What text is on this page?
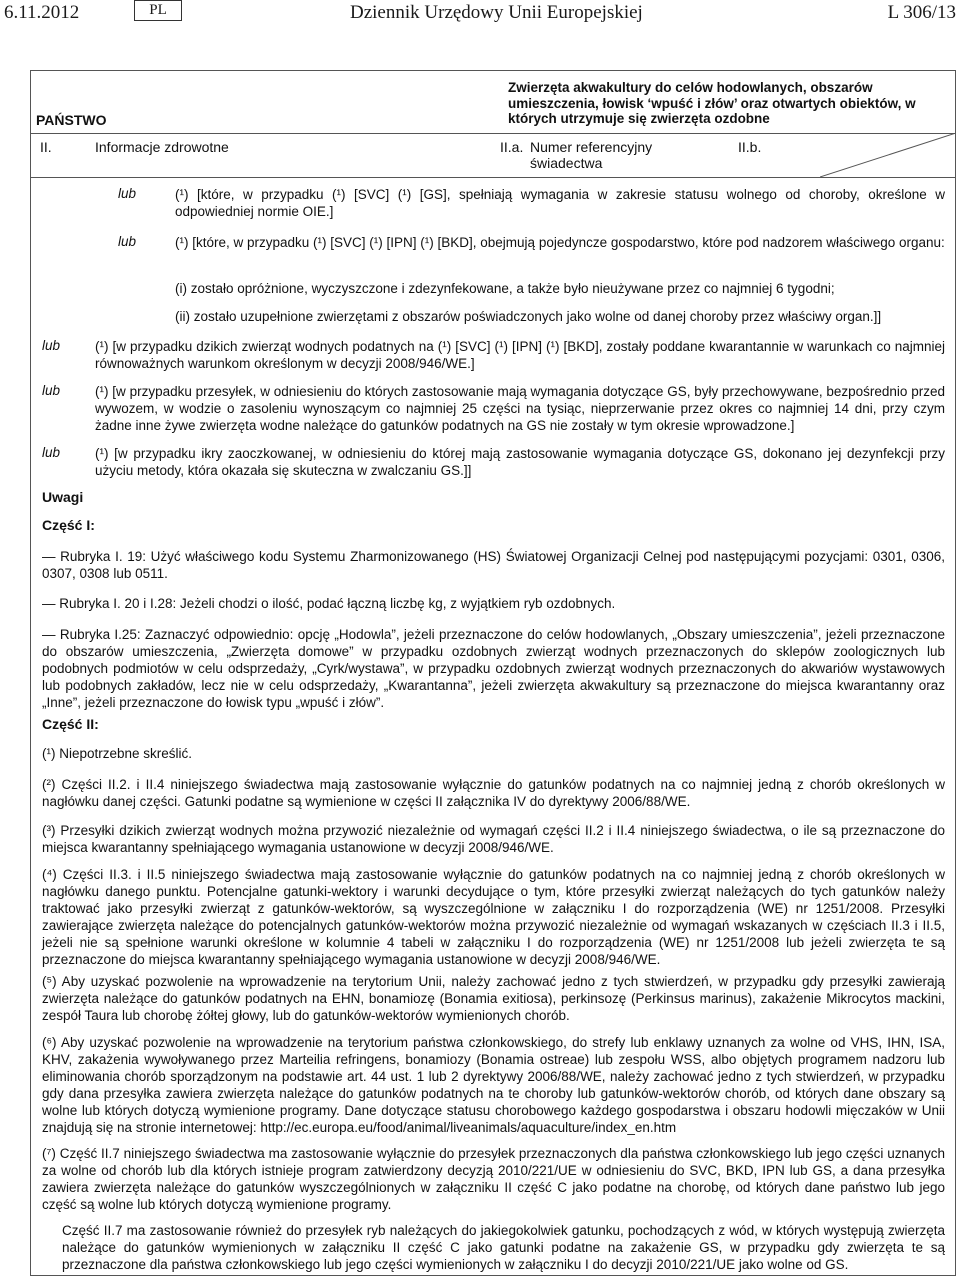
6.11.2012	PL	Dziennik Urzędowy Unii Europejskiej	L 306/13
PAŃSTWO
Zwierzęta akwakultury do celów hodowlanych, obszarów umieszczenia, łowisk ‘wpuść i złów’ oraz otwartych obiektów, w których utrzymuje się zwierzęta ozdobne
II.	Informacje zdrowotne	II.a. Numer referencyjny świadectwa
II.b.
lub	(¹) [które, w przypadku (¹) [SVC] (¹) [GS], spełniają wymagania w zakresie statusu wolnego od choroby, określone w odpowiedniej normie OIE.]
lub	(¹) [które, w przypadku (¹) [SVC] (¹) [IPN] (¹) [BKD], obejmują pojedyncze gospodarstwo, które pod nadzorem właściwego organu:
(i) zostało opróżnione, wyczyszczone i zdezynfekowane, a także było nieużywane przez co najmniej 6 tygodni;
(ii) zostało uzupełnione zwierzętami z obszarów poświadczonych jako wolne od danej choroby przez właściwy organ.]]
lub	(¹) [w przypadku dzikich zwierząt wodnych podatnych na (¹) [SVC] (¹) [IPN] (¹) [BKD], zostały poddane kwarantannie w warunkach co najmniej równoważnych warunkom określonym w decyzji 2008/946/WE.]
lub	(¹) [w przypadku przesyłek, w odniesieniu do których zastosowanie mają wymagania dotyczące GS, były przechowywane, bezpośrednio przed wywozem, w wodzie o zasoleniu wynoszącym co najmniej 25 części na tysiąc, nieprzerwanie przez okres co najmniej 14 dni, przy czym żadne inne żywe zwierzęta wodne należące do gatunków podatnych na GS nie zostały w tym okresie wprowadzone.]
lub	(¹) [w przypadku ikry zaoczkowanej, w odniesieniu do której mają zastosowanie wymagania dotyczące GS, dokonano jej dezynfekcji przy użyciu metody, która okazała się skuteczna w zwalczaniu GS.]]
Uwagi
Część I:
— Rubryka I. 19: Użyć właściwego kodu Systemu Zharmonizowanego (HS) Światowej Organizacji Celnej pod następującymi pozycjami: 0301, 0306, 0307, 0308 lub 0511.
— Rubryka I. 20 i I.28: Jeżeli chodzi o ilość, podać łączną liczbę kg, z wyjątkiem ryb ozdobnych.
— Rubryka I.25: Zaznaczyć odpowiednio: opcję „Hodowla”, jeżeli przeznaczone do celów hodowlanych, „Obszary umieszczenia”, jeżeli przeznaczone do obszarów umieszczenia, „Zwierzęta domowe” w przypadku ozdobnych zwierząt wodnych przeznaczonych do sklepów zoologicznych lub podobnych podmiotów w celu odsprzedaży, „Cyrk/wystawa”, w przypadku ozdobnych zwierząt wodnych przeznaczonych do akwariów wystawowych lub podobnych zakładów, lecz nie w celu odsprzedaży, „Kwarantanna”, jeżeli zwierzęta akwakultury są przeznaczone do miejsca kwarantanny oraz „Inne”, jeżeli przeznaczone do łowisk typu „wpuść i złów”.
Część II:
(¹) Niepotrzebne skreślić.
(²) Części II.2. i II.4 niniejszego świadectwa mają zastosowanie wyłącznie do gatunków podatnych na co najmniej jedną z chorób określonych w nagłówku danej części. Gatunki podatne są wymienione w części II załącznika IV do dyrektywy 2006/88/WE.
(³) Przesyłki dzikich zwierząt wodnych można przywozić niezależnie od wymagań części II.2 i II.4 niniejszego świadectwa, o ile są przeznaczone do miejsca kwarantanny spełniającego wymagania ustanowione w decyzji 2008/946/WE.
(⁴) Części II.3. i II.5 niniejszego świadectwa mają zastosowanie wyłącznie do gatunków podatnych na co najmniej jedną z chorób określonych w nagłówku danego punktu. Potencjalne gatunki-wektory i warunki decydujące o tym, które przesyłki zwierząt należących do tych gatunków należy traktować jako przesyłki zwierząt z gatunków-wektorów, są wyszczególnione w załączniku I do rozporządzenia (WE) nr 1251/2008. Przesyłki zawierające zwierzęta należące do potencjalnych gatunków-wektorów można przywozić niezależnie od wymagań wskazanych w częściach II.3 i II.5, jeżeli nie są spełnione warunki określone w kolumnie 4 tabeli w załączniku I do rozporządzenia (WE) nr 1251/2008 lub jeżeli zwierzęta te są przeznaczone do miejsca kwarantanny spełniającego wymagania ustanowione w decyzji 2008/946/WE.
(⁵) Aby uzyskać pozwolenie na wprowadzenie na terytorium Unii, należy zachować jedno z tych stwierdzeń, w przypadku gdy przesyłki zawierają zwierzęta należące do gatunków podatnych na EHN, bonamiozę (Bonamia exitiosa), perkinsozę (Perkinsus marinus), zakażenie Mikrocytos mackini, zespół Taura lub chorobę żółtej głowy, lub do gatunków-wektorów wymienionych chorób.
(⁶) Aby uzyskać pozwolenie na wprowadzenie na terytorium państwa członkowskiego, do strefy lub enklawy uznanych za wolne od VHS, IHN, ISA, KHV, zakażenia wywoływanego przez Marteilia refringens, bonamiozy (Bonamia ostreae) lub zespołu WSS, albo objętych programem nadzoru lub eliminowania chorób sporządzonym na podstawie art. 44 ust. 1 lub 2 dyrektywy 2006/88/WE, należy zachować jedno z tych stwierdzeń, w przypadku gdy dana przesyłka zawiera zwierzęta należące do gatunków podatnych na te choroby lub gatunków-wektorów chorób, od których dane obszary są wolne lub których dotyczą wymienione programy. Dane dotyczące statusu chorobowego każdego gospodarstwa i obszaru hodowli mięczaków w Unii znajdują się na stronie internetowej: http://ec.europa.eu/food/animal/liveanimals/aquaculture/index_en.htm
(⁷) Część II.7 niniejszego świadectwa ma zastosowanie wyłącznie do przesyłek przeznaczonych dla państwa członkowskiego lub jego części uznanych za wolne od chorób lub dla których istnieje program zatwierdzony decyzją 2010/221/UE w odniesieniu do SVC, BKD, IPN lub GS, a dana przesyłka zawiera zwierzęta należące do gatunków wyszczególnionych w załączniku II część C jako podatne na chorobę, od których dane państwo lub jego część są wolne lub których dotyczą wymienione programy.
Część II.7 ma zastosowanie również do przesyłek ryb należących do jakiegokolwiek gatunku, pochodzących z wód, w których występują zwierzęta należące do gatunków wymienionych w załączniku II część C jako gatunki podatne na zakażenie GS, w przypadku gdy zwierzęta te są przeznaczone dla państwa członkowskiego lub jego części wymienionych w załączniku I do decyzji 2010/221/UE jako wolne od GS.
